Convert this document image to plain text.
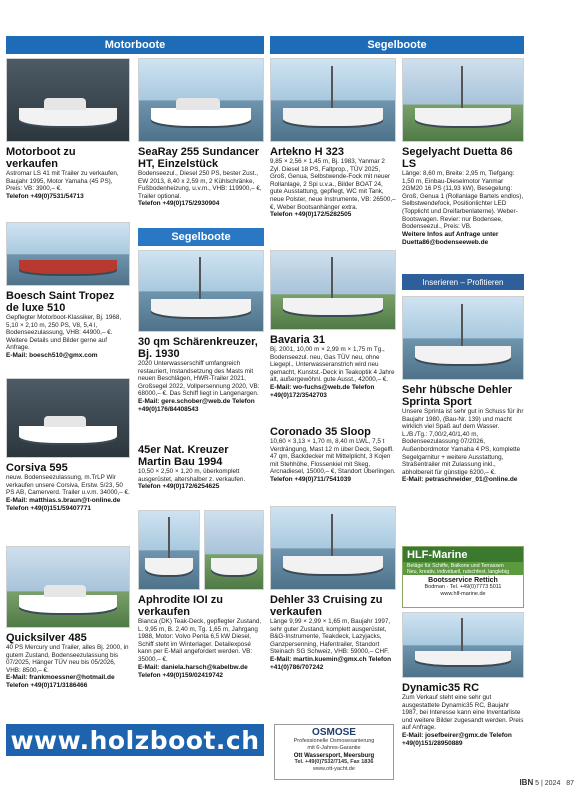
Motorboote	Segelboote
Motorboot zu verkaufen
Astromar LS 41 mit Trailer zu verkaufen, Baujahr 1995, Motor Yamaha (45 PS), Preis: VB: 3900,– €.
Telefon +49(0)7531/54713
SeaRay 255 Sundancer HT, Einzelstück
Bodenseezul., Diesel 250 PS, bester Zust., EW 2013, 8,40 x 2,59 m, 2 Kühlschränke, Fußbodenheizung, u.v.m., VHB: 119900,– €, Trailer optional.
Telefon +49(0)175/2930904
Artekno H 323
9,85 × 2,56 × 1,45 m, Bj. 1983, Yanmar 2 Zyl. Diesel 18 PS, Faltprop., TÜV 2025, Groß, Genua, Selbstwende-Fock mit neuer Rollanlage, 2 Spi u.v.a., Bilder BOAT 24, gute Ausstattung, gepflegt, WC mit Tank, neue Polster, neue Instrumente, VB: 26500,– €, Weber Bootsanhänger extra.
Telefon +49(0)172/5282505
Segelyacht Duetta 86 LS
Länge: 8,60 m, Breite: 2,95 m, Tiefgang: 1,50 m, Einbau-Dieselmotor Yanmar 2GM20 16 PS (11,93 kW), Besegelung: Groß, Genua 1 (Rollanlage Bartels endlos), Selbstwendefock, Positionlichter LED (Topplicht und Dreifarbenlaterne). Weber-Bootswagen. Revier: nur Bodensee, Bodenseezul., Preis: VB.
Weitere Infos auf Anfrage unter Duetta86@bodenseeweb.de
Segelboote
Inserieren – Profitieren
Boesch Saint Tropez de luxe 510
Gepflegter Motorboot-Klassiker, Bj. 1968, 5,10 × 2,10 m, 250 PS, V8, 5,4 l, Bodenseezulassung, VHB: 44900,– €. Weitere Details und Bilder gerne auf Anfrage.
E-Mail: boesch510@gmx.com
30 qm Schärenkreuzer, Bj. 1930
2020 Unterwasserschiff umfangreich restauriert, Instandsetzung des Masts mit neuen Beschlägen, HWR-Trailer 2021, Großsegel 2022, Vollpersennung 2020, VB: 68000,– €. Das Schiff liegt in Langenargen.
E-Mail: gere.schober@web.de Telefon +49(0)176/84408543
Bavaria 31
Bj. 2001, 10,00 m × 2,99 m × 1,75 m Tg., Bodenseezul. neu, Gas TÜV neu, ohne Liegepl., Unterwasseranstrich wird neu gemacht, Kunstst.-Deck in Teakoptik 4 Jahre alt, außergewöhnl. gute Ausst., 42000,– €.
E-Mail: wo-fuchs@web.de Telefon +49(0)172/3542703	Sehr hübsche Dehler Sprinta Sport
Unsere Sprinta ist sehr gut in Schuss für ihr Baujahr 1980, (Bau-Nr. 139) und macht wirklich viel Spaß auf dem Wasser. L./B./Tg.: 7,00/2,40/1,40 m, Bodenseezulassung 07/2026, Außenbordmotor Yamaha 4 PS, komplette Segelgarnitur + weitere Ausstattung, Straßentrailer mit Zulassung inkl., abholbereit für günstige 6200,– €.
E-Mail: petraschneider_01@online.de
Corsiva 595
neuw. Bodenseezulassung, m.TrLP Wir verkaufen unsere Corsiva, Erstw. 5/23, 50 PS AB, Camerverd. Trailer u.v.m. 34000,– €.
E-Mail: matthias.s.braun@t-online.de Telefon +49(0)151/59407771
45er Nat. Kreuzer Martin Bau 1994
10,50 × 2,50 × 1,20 m, überkomplett ausgerüstet, altershalber z. verkaufen.
Telefon +49(0)172/6254625
Coronado 35 Sloop
10,60 × 3,13 × 1,70 m, 8,40 m LWL, 7,5 t Verdrängung, Mast 12 m über Deck, Segelfl. 47 qm, Backdecker mit Mittelplicht, 3 Kojen mit Stehhöhe, Flossenkiel mit Skeg, Arcnadiesel, 15000,– €, Standort Überlingen.
Telefon +49(0)711/7541039
HLF-Marine
Beläge für Schiffe, Balkone und Terrassen
Neu, kreativ, individuell, rutschfest, langlebig
Bootsservice Rettich
Bodman · Tel. +49(0)7773 5011
www.hlf-marine.de
Quicksilver 485
40 PS Mercury und Trailer, alles Bj. 2000, in gutem Zustand, Bodenseezulassung bis 07/2025, Hänger TÜV neu bis 05/2026, VHB: 8500,– €.
E-Mail: frankmoessner@hotmail.de Telefon +49(0)171/3186466
Aphrodite IOI zu verkaufen
Bianca (DK) Teak-Deck, gepflegter Zustand, L. 9,95 m, B. 2,40 m, Tg. 1,65 m, Jahrgang 1988, Motor: Volvo Penta 6,5 kW Diesel, Schiff steht im Winterlager. Detailexposé kann per E-Mail angefordert werden. VB: 35000,– €.
E-Mail: daniela.harsch@kabelbw.de Telefon +49(0)159/02419742
Dehler 33 Cruising zu verkaufen
Länge 9,99 × 2,99 × 1,65 m, Baujahr 1997, sehr guter Zustand, komplett ausgerüstet, B&G-Instrumente, Teakdeck, Lazyjacks, Ganzpersenning, Hafentrailer, Standort Steinach SG Schweiz, VHB: 59000,– CHF.
E-Mail: martin.kuemin@gmx.ch Telefon +41(0)786/707242
Dynamic35 RC
Zum Verkauf steht eine sehr gut ausgestattete Dynamic35 RC, Baujahr 1987, bei Interesse kann eine Inventarliste und weitere Bilder zugesandt werden. Preis auf Anfrage.
E-Mail: josefbeirer@gmx.de Telefon +49(0)151/28950889
www.holzboot.ch	OSMOSE
Professionelle Osmosesanierung
mit 6-Jahres-Garantie
Ott Wassersport, Meersburg
Tel. +49(0)7532/7145, Fax 1836
www.ott-yacht.de
IBN 5 | 2024 87
